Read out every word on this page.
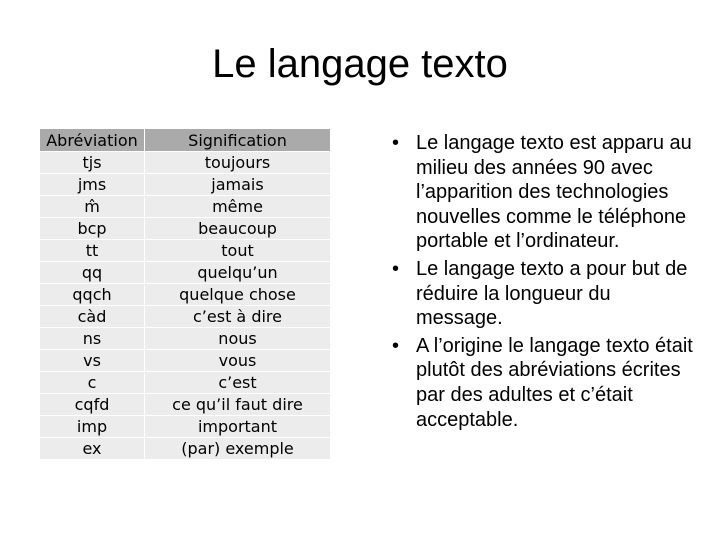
Le langage texto
Abréviation	Signification
tjs	toujours
jms	jamais
m̂	même
bcp	beaucoup
tt	tout
qq	quelqu’un
qqch	quelque chose
càd	c’est à dire
ns	nous
vs	vous
c	c’est
cqfd	ce qu’il faut dire
imp	important
ex	(par) exemple
• Le langage texto est apparu au milieu des années 90 avec l’apparition des technologies nouvelles comme le téléphone portable et l’ordinateur.
• Le langage texto a pour but de réduire la longueur du message.
• A l’origine le langage texto était plutôt des abréviations écrites par des adultes et c’était acceptable.
